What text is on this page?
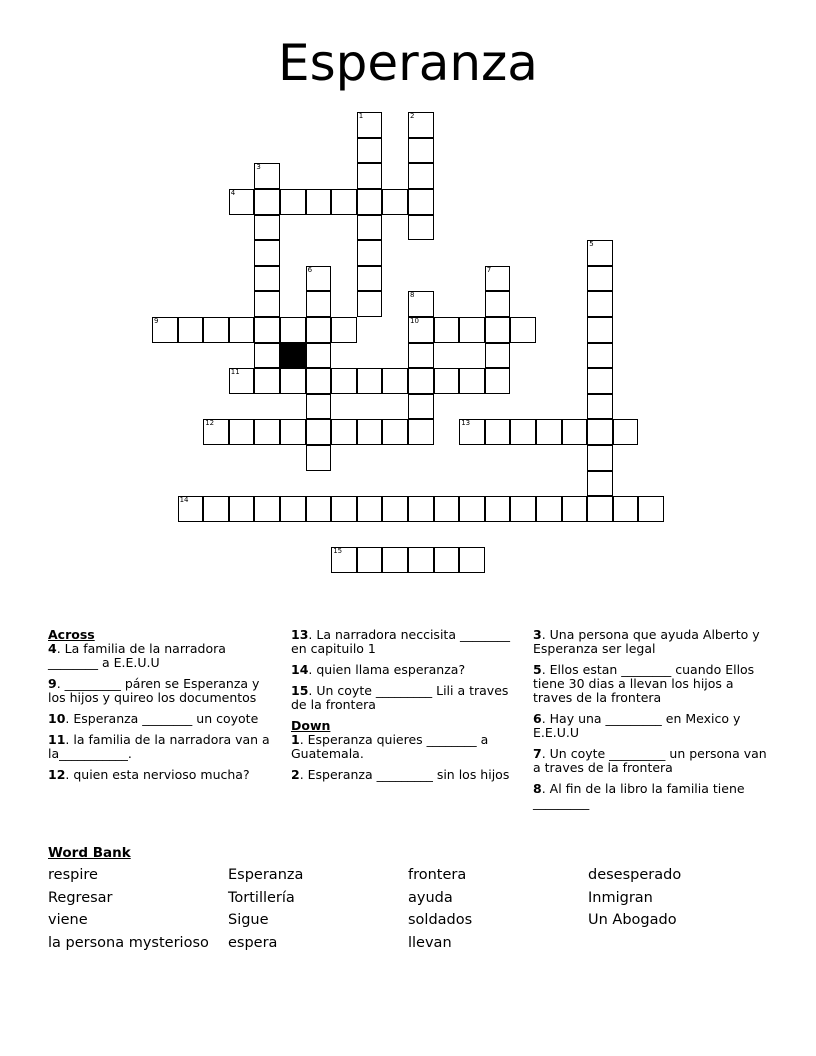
Esperanza
1	2
3
4
5
6	7
8
9	10
11
12	13
14
15
Across
4. La familia de la narradora ________ a E.E.U.U
9. _________ páren se Esperanza y los hijos y quireo los documentos
10. Esperanza ________ un coyote
11. la familia de la narradora van a la___________.
12. quien esta nervioso mucha?
13. La narradora neccisita ________ en capituilo 1
14. quien llama esperanza?
15. Un coyte _________ Lili a traves de la frontera
Down
1. Esperanza quieres ________ a Guatemala.
2. Esperanza _________ sin los hijos
3. Una persona que ayuda Alberto y Esperanza ser legal
5. Ellos estan ________ cuando Ellos tiene 30 dias a llevan los hijos a traves de la frontera
6. Hay una _________ en Mexico y E.E.U.U
7. Un coyte _________ un persona van a traves de la frontera
8. Al fin de la libro la familia tiene _________
Word Bank
respire
Regresar
viene
la persona mysterioso
Esperanza
Tortillería
Sigue
espera
frontera
ayuda
soldados
llevan
desesperado
Inmigran
Un Abogado
